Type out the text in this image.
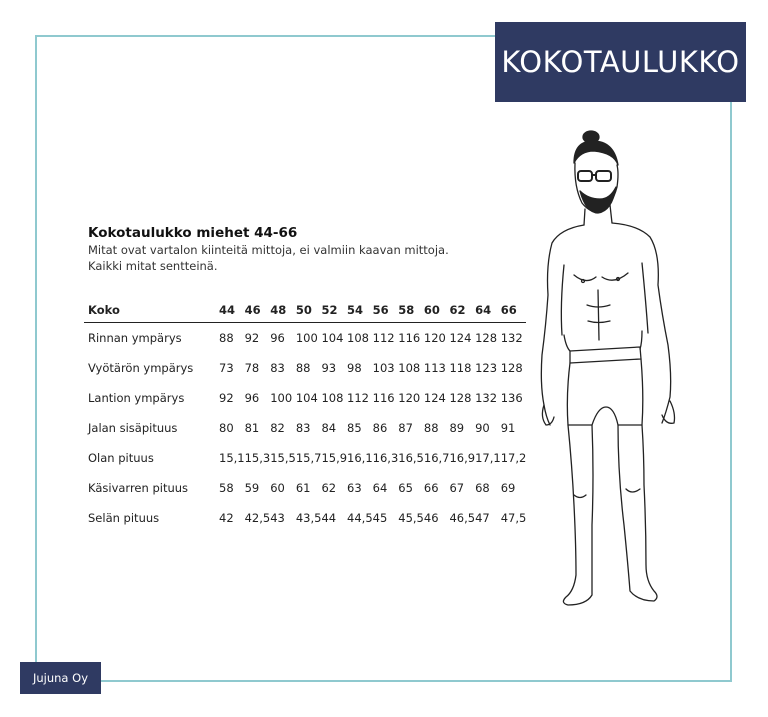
KOKOTAULUKKO
Kokotaulukko miehet 44-66
Mitat ovat vartalon kiinteitä mittoja, ei valmiin kaavan mittoja.
Kaikki mitat sentteinä.
Koko	44	46	48	50	52	54	56	58	60	62	64	66
Rinnan ympärys	88	92	96	100	104	108	112	116	120	124	128	132
Vyötärön ympärys	73	78	83	88	93	98	103	108	113	118	123	128
Lantion ympärys	92	96	100	104	108	112	116	120	124	128	132	136
Jalan sisäpituus	80	81	82	83	84	85	86	87	88	89	90	91
Olan pituus	15,1	15,3	15,5	15,7	15,9	16,1	16,3	16,5	16,7	16,9	17,1	17,2
Käsivarren pituus	58	59	60	61	62	63	64	65	66	67	68	69
Selän pituus	42	42,5	43	43,5	44	44,5	45	45,5	46	46,5	47	47,5
Jujuna Oy
